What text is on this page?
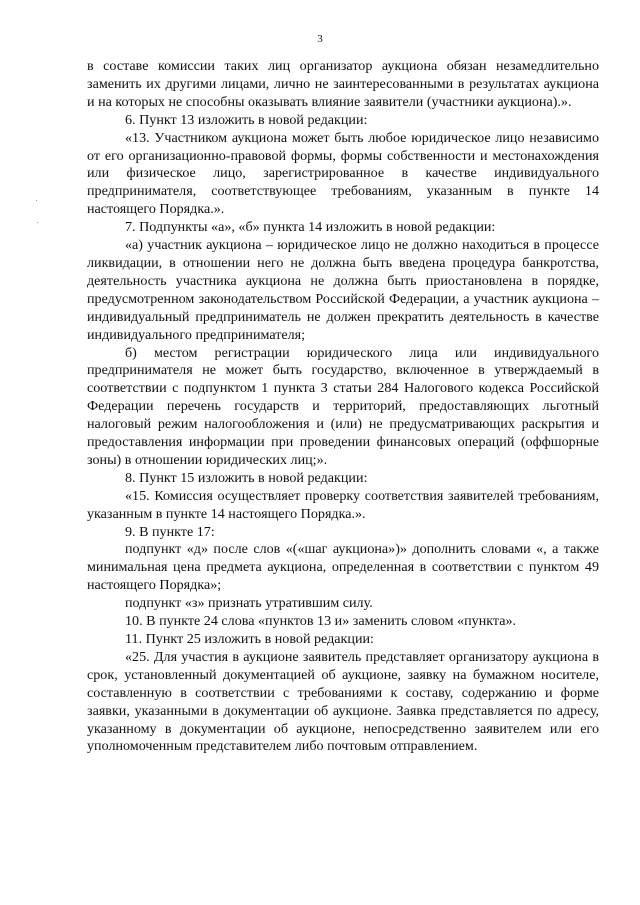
3

в составе комиссии таких лиц организатор аукциона обязан незамедлительно заменить их другими лицами, лично не заинтересованными в результатах аукциона и на которых не способны оказывать влияние заявители (участники аукциона).».

6. Пункт 13 изложить в новой редакции:

«13. Участником аукциона может быть любое юридическое лицо независимо от его организационно-правовой формы, формы собственности и местонахождения или физическое лицо, зарегистрированное в качестве индивидуального предпринимателя, соответствующее требованиям, указанным в пункте 14 настоящего Порядка.».

7. Подпункты «а», «б» пункта 14 изложить в новой редакции:

«а) участник аукциона – юридическое лицо не должно находиться в процессе ликвидации, в отношении него не должна быть введена процедура банкротства, деятельность участника аукциона не должна быть приостановлена в порядке, предусмотренном законодательством Российской Федерации, а участник аукциона – индивидуальный предприниматель не должен прекратить деятельность в качестве индивидуального предпринимателя;

б) местом регистрации юридического лица или индивидуального предпринимателя не может быть государство, включенное в утверждаемый в соответствии с подпунктом 1 пункта 3 статьи 284 Налогового кодекса Российской Федерации перечень государств и территорий, предоставляющих льготный налоговый режим налогообложения и (или) не предусматривающих раскрытия и предоставления информации при проведении финансовых операций (оффшорные зоны) в отношении юридических лиц;».

8. Пункт 15 изложить в новой редакции:

«15. Комиссия осуществляет проверку соответствия заявителей требованиям, указанным в пункте 14 настоящего Порядка.».

9. В пункте 17:

подпункт «д» после слов «(«шаг аукциона»)» дополнить словами «, а также минимальная цена предмета аукциона, определенная в соответствии с пунктом 49 настоящего Порядка»;

подпункт «з» признать утратившим силу.

10. В пункте 24 слова «пунктов 13 и» заменить словом «пункта».

11. Пункт 25 изложить в новой редакции:

«25. Для участия в аукционе заявитель представляет организатору аукциона в срок, установленный документацией об аукционе, заявку на бумажном носителе, составленную в соответствии с требованиями к составу, содержанию и форме заявки, указанными в документации об аукционе. Заявка представляется по адресу, указанному в документации об аукционе, непосредственно заявителем или его уполномоченным представителем либо почтовым отправлением.
